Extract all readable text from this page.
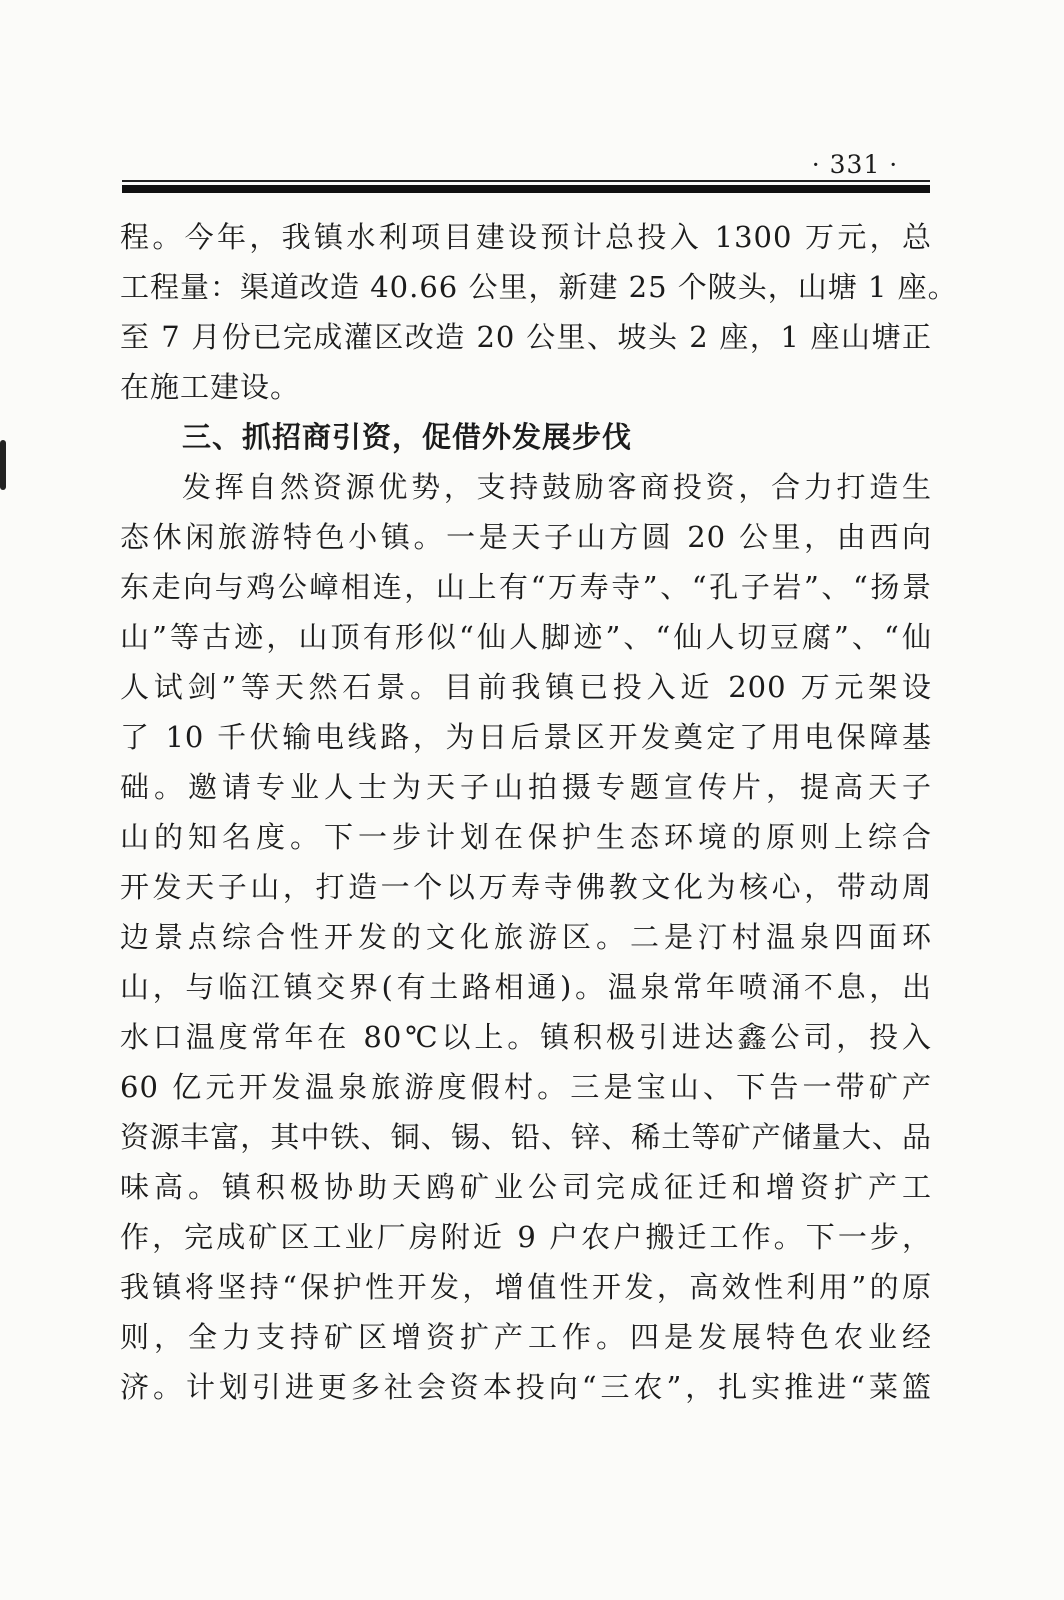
· 331 ·
程。今年，我镇水利项目建设预计总投入 1300 万元，总
工程量：渠道改造 40.66 公里，新建 25 个陂头，山塘 1 座。
至 7 月份已完成灌区改造 20 公里、坡头 2 座，1 座山塘正
在施工建设。
三、抓招商引资，促借外发展步伐
发挥自然资源优势，支持鼓励客商投资，合力打造生
态休闲旅游特色小镇。一是天子山方圆 20 公里，由西向
东走向与鸡公嶂相连，山上有“万寿寺”、“孔子岩”、“扬景
山”等古迹，山顶有形似“仙人脚迹”、“仙人切豆腐”、“仙
人试剑”等天然石景。目前我镇已投入近 200 万元架设
了 10 千伏输电线路，为日后景区开发奠定了用电保障基
础。邀请专业人士为天子山拍摄专题宣传片，提高天子
山的知名度。下一步计划在保护生态环境的原则上综合
开发天子山，打造一个以万寿寺佛教文化为核心，带动周
边景点综合性开发的文化旅游区。二是汀村温泉四面环
山，与临江镇交界(有土路相通)。温泉常年喷涌不息，出
水口温度常年在 80℃以上。镇积极引进达鑫公司，投入
60 亿元开发温泉旅游度假村。三是宝山、下告一带矿产
资源丰富，其中铁、铜、锡、铅、锌、稀土等矿产储量大、品
味高。镇积极协助天鸥矿业公司完成征迁和增资扩产工
作，完成矿区工业厂房附近 9 户农户搬迁工作。下一步，
我镇将坚持“保护性开发，增值性开发，高效性利用”的原
则，全力支持矿区增资扩产工作。四是发展特色农业经
济。计划引进更多社会资本投向“三农”，扎实推进“菜篮
